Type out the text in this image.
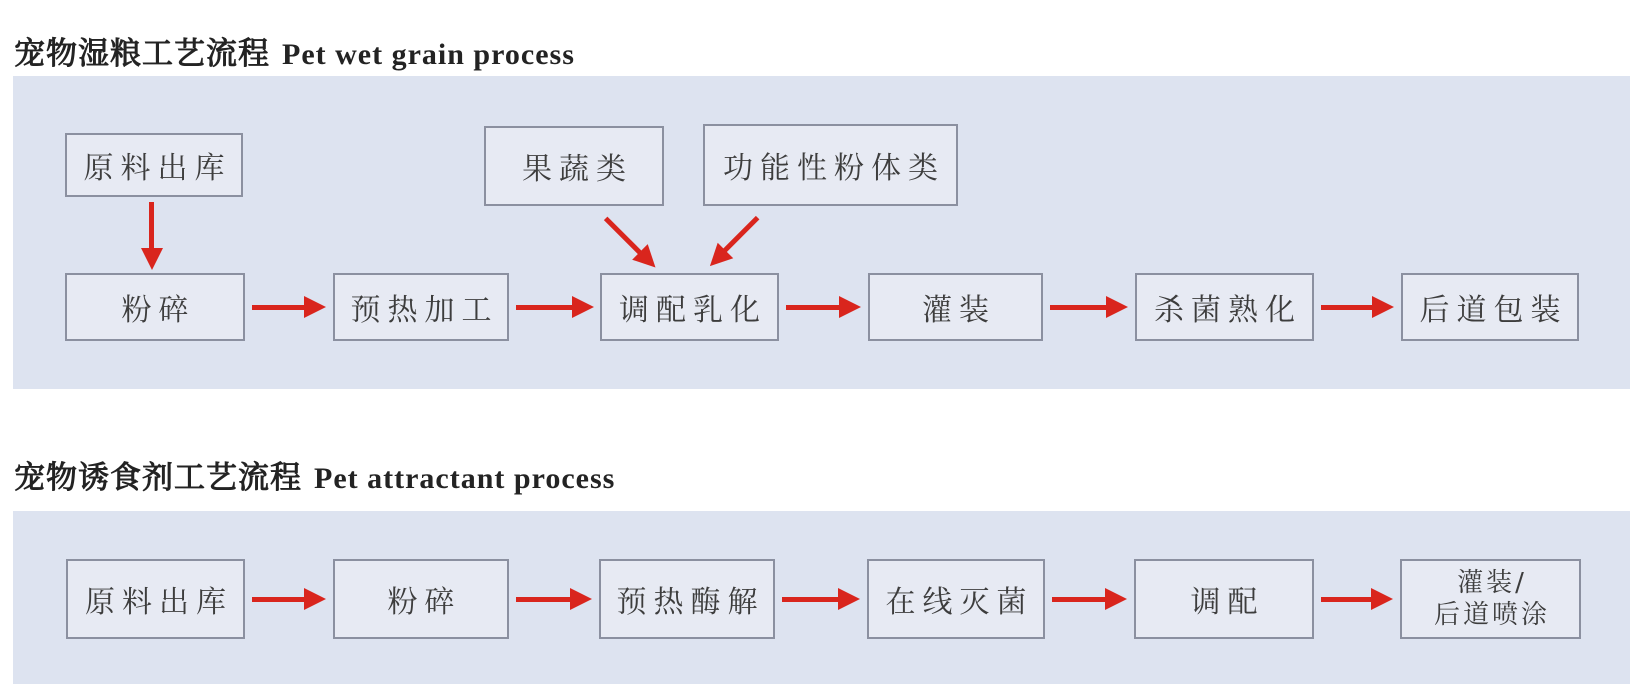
宠物湿粮工艺流程 Pet wet grain process
宠物诱食剂工艺流程 Pet attractant process
原料出库	果蔬类	功能性粉体类
粉碎	预热加工	调配乳化	灌装	杀菌熟化	后道包装
原料出库	粉碎	预热酶解	在线灭菌	调配
灌装/
后道喷涂
